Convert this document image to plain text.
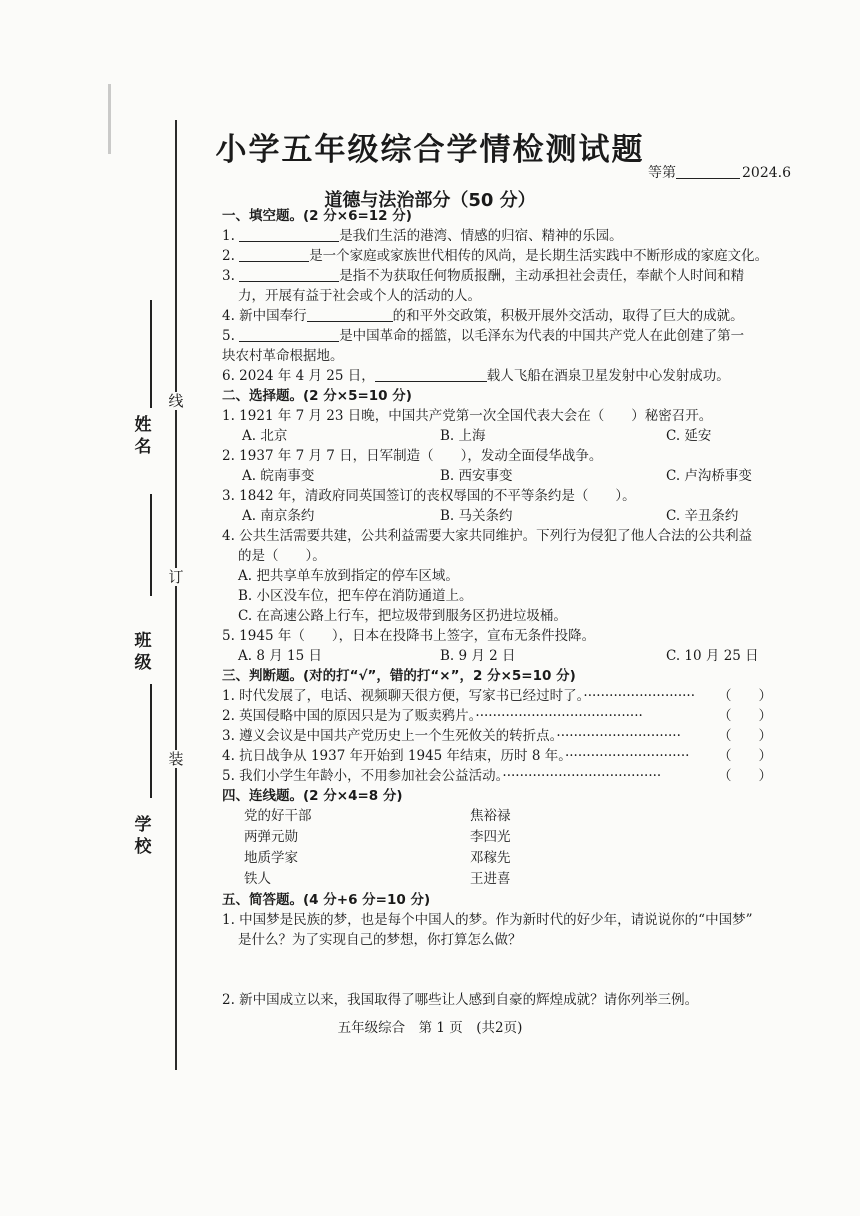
线
订
装
姓
名
班
级
学
校
小学五年级综合学情检测试题
等第	2024.6
道德与法治部分（50 分）
一、填空题。(2 分×6=12 分)
1.	是我们生活的港湾、情感的归宿、精神的乐园。
2.	是一个家庭或家族世代相传的风尚，是长期生活实践中不断形成的家庭文化。
3.	是指不为获取任何物质报酬，主动承担社会责任，奉献个人时间和精
力，开展有益于社会或个人的活动的人。
4. 新中国奉行	的和平外交政策，积极开展外交活动，取得了巨大的成就。
5.	是中国革命的摇篮，以毛泽东为代表的中国共产党人在此创建了第一
块农村革命根据地。
6. 2024 年 4 月 25 日，	载人飞船在酒泉卫星发射中心发射成功。
二、选择题。(2 分×5=10 分)
1. 1921 年 7 月 23 日晚，中国共产党第一次全国代表大会在（　　）秘密召开。
A. 北京	B. 上海	C. 延安
2. 1937 年 7 月 7 日，日军制造（　　），发动全面侵华战争。
A. 皖南事变	B. 西安事变	C. 卢沟桥事变
3. 1842 年，清政府同英国签订的丧权辱国的不平等条约是（　　）。
A. 南京条约	B. 马关条约	C. 辛丑条约
4. 公共生活需要共建，公共利益需要大家共同维护。下列行为侵犯了他人合法的公共利益
的是（　　）。
A. 把共享单车放到指定的停车区域。
B. 小区没车位，把车停在消防通道上。
C. 在高速公路上行车，把垃圾带到服务区扔进垃圾桶。
5. 1945 年（　　），日本在投降书上签字，宣布无条件投降。
A. 8 月 15 日	B. 9 月 2 日	C. 10 月 25 日
三、判断题。(对的打“√”，错的打“×”，2 分×5=10 分)
1. 时代发展了，电话、视频聊天很方便，写家书已经过时了。·························· （　　）
2. 英国侵略中国的原因只是为了贩卖鸦片。·······································	（　　）
3. 遵义会议是中国共产党历史上一个生死攸关的转折点。·····························	（　　）
4. 抗日战争从 1937 年开始到 1945 年结束，历时 8 年。····························· （　　）
5. 我们小学生年龄小，不用参加社会公益活动。·····································	（　　）
四、连线题。(2 分×4=8 分)
党的好干部	焦裕禄
两弹元勋	李四光
地质学家	邓稼先
铁人	王进喜
五、简答题。(4 分+6 分=10 分)
1. 中国梦是民族的梦，也是每个中国人的梦。作为新时代的好少年，请说说你的“中国梦”
是什么？为了实现自己的梦想，你打算怎么做？
2. 新中国成立以来，我国取得了哪些让人感到自豪的辉煌成就？请你列举三例。
五年级综合　第 1 页　(共2页)
